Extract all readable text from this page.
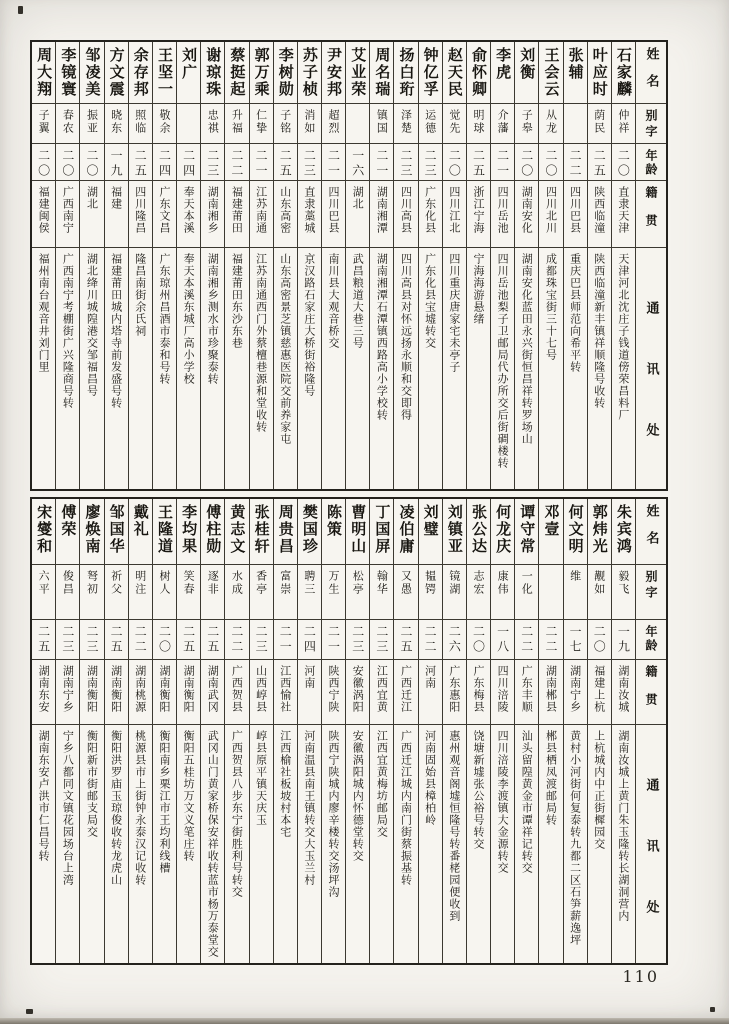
姓名
别字
年龄
籍贯
通讯处
石家麟
仲祥
二〇
直隶天津
天津河北沈庄子钱道傍荣昌料厂
叶应时
荫民
二五
陕西临潼
陕西临潼新丰镇祥顺隆号收转
张辅
二二
四川巴县
重庆巴县师范向希平转
王会云
从龙
二〇
四川北川
成都珠宝街三十七号
刘衡
子皋
二〇
湖南安化
湖南安化蓝田永兴街恒昌祥转罗场山
李虎
介藩
二一
四川岳池
四川岳池梨子卫邮局代办所交后街碉楼转
俞怀卿
明球
二五
浙江宁海
宁海海游悬绪
赵天民
觉先
二〇
四川江北
四川重庆唐家宅未亭子
钟亿孚
运德
二三
广东化县
广东化县宝墟转交
扬白珩
泽楚
二三
四川高县
四川高县对怀远扬永顺和交即得
周名瑞
镇国
二一
湖南湘潭
湖南湘潭石潭镇西路高小学校转
艾业荣
一六
湖北
武昌粮道大巷三号
尹安邦
超烈
二一
四川巴县
南川县大观音桥交
苏子桢
消如
二三
直隶藁城
京汉路石家庄大桥街裕隆号
李树勋
子铭
二五
山东高密
山东高密景芝镇慈惠医院交前养家屯
郭万乘
仁挚
二一
江苏南通
江苏南通西门外蔡檀巷源和堂收转
蔡挺起
升福
二二
福建莆田
福建莆田东沙东巷
谢琼珠
忠祺
二三
湖南湘乡
湖南湘乡测水市珍聚泰转
刘广
二四
奉天本溪
奉天本溪东城厂高小学校
王坚一
敬余
二四
广东文昌
广东琼州昌酒市泰和号转
余存邦
照临
二五
四川隆昌
隆昌南街余氏祠
方文震
晓东
一九
福建
福建莆田城内塔寺前发盛号转
邹凌美
振亚
二〇
湖北
湖北绛川城隍港交邹福昌号
李镜寰
春农
二〇
广西南宁
广西南宁考棚街广兴隆商号转
周大翔
子翼
二〇
福建闽侯
福州南台观音井刘门里
姓名
别字
年龄
籍贯
通讯处
朱宾鸿
毅飞
一九
湖南汝城
湖南汝城上黄门朱玉隆转长湖洞营内
郭炜光
觏如
二〇
福建上杭
上杭城内中正街樨园交
何文明
维
一七
湖南宁乡
黄村小河街何复泰转九都二区石笋薪逸坪
邓壹
二二
湖南郴县
郴县栖凤渡邮局转
谭守常
一化
二二
广东丰顺
汕头留隍黄金市谭祥记转交
何龙庆
康伟
一八
四川涪陵
四川涪陵李渡镇大金源转交
张公达
志宏
二〇
广东梅县
饶塘新墟张公裕号转交
刘镇亚
镜湖
二六
广东惠阳
惠州观音阁墟恒隆号转番栳园便收到
刘璧
韫锷
二二
河南
河南固始县樟柏岭
凌伯庸
又愚
二五
广西迁江
广西迁江城内南门街蔡振基转
丁国屏
翰华
二三
江西宜黄
江西宜黄梅坊邮局交
曹明山
松亭
二三
安徽涡阳
安徽涡阳城内怀德堂转交
陈策
万生
二一
陕西宁陕
陕西宁陕城内廖辛楼转交汤坪沟
樊国珍
聘三
二四
河南
河南温县南王镇转交大玉兰村
周贵昌
富崇
二一
江西愉社
江西榆社板坡村本宅
张桂轩
香亭
二三
山西崞县
崞县原平镇天庆玉
黄志文
水成
二二
广西贺县
广西贺县八步东宁街胜利号转交
傅柱勋
逐非
二五
湖南武冈
武冈山门黄家桥保安祥收转蓝市杨万泰堂交
李均果
笑春
二五
湖南衡阳
衡阳五桂坊万文义笔庄转
王隆道
树人
二〇
湖南衡阳
衡阳南乡栗江市王均利线槽
戴礼
明注
二二
湖南桃源
桃源县市上街钟永泰汉记收转
邹国华
祈父
二五
湖南衡阳
衡阳洪罗庙玉琼俊收转龙虎山
廖焕南
弩初
二三
湖南衡阳
衡阳新市街邮支局交
傅荣
俊昌
二三
湖南宁乡
宁乡八都同文镇花园场台上湾
宋燮和
六平
二五
湖南东安
湖南东安卢洪市仁昌号转
110
